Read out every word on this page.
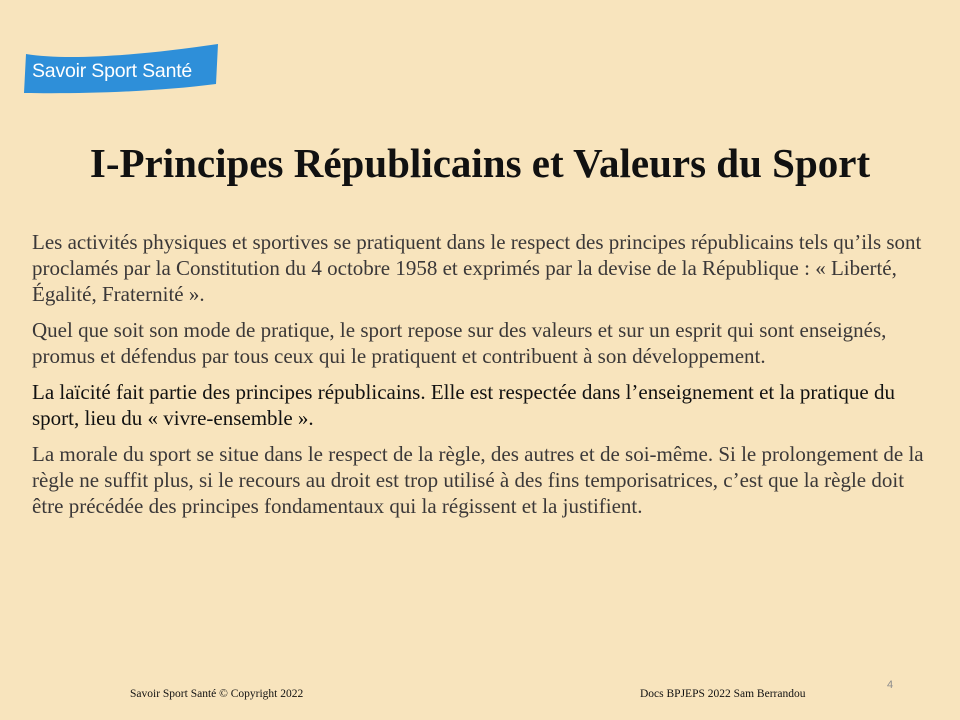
Savoir Sport Santé
I-Principes Républicains et Valeurs du Sport

Les activités physiques et sportives se pratiquent dans le respect des principes républicains tels qu’ils sont proclamés par la Constitution du 4 octobre 1958 et exprimés par la devise de la République : « Liberté, Égalité, Fraternité ».

Quel que soit son mode de pratique, le sport repose sur des valeurs et sur un esprit qui sont enseignés, promus et défendus par tous ceux qui le pratiquent et contribuent à son développement.

La laïcité fait partie des principes républicains. Elle est respectée dans l’enseignement et la pratique du sport, lieu du « vivre-ensemble ».

La morale du sport se situe dans le respect de la règle, des autres et de soi-même. Si le prolongement de la règle ne suffit plus, si le recours au droit est trop utilisé à des fins temporisatrices, c’est que la règle doit être précédée des principes fondamentaux qui la régissent et la justifient.

Savoir Sport Santé © Copyright 2022	Docs BPJEPS 2022 Sam Berrandou
4
